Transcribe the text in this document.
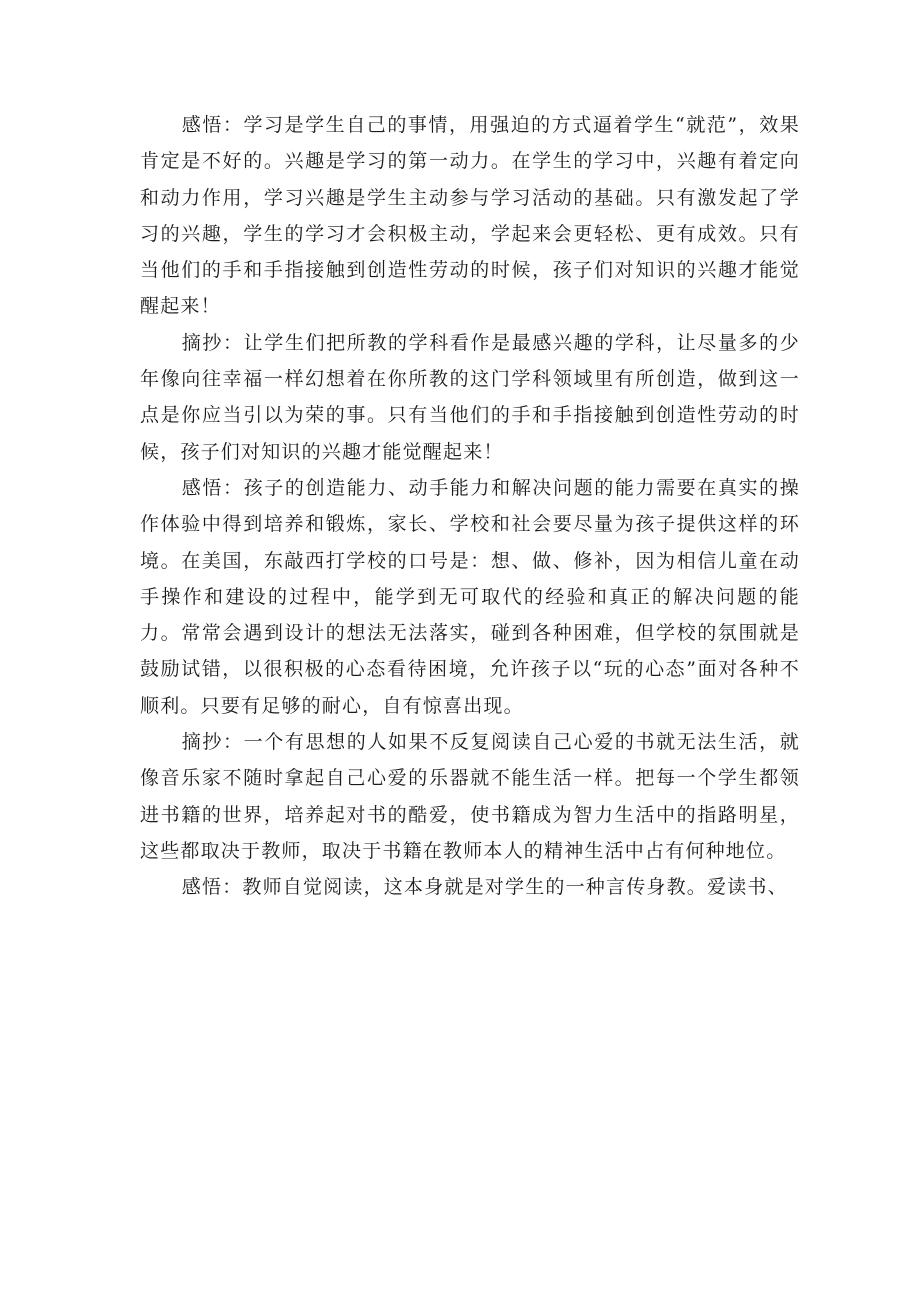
感悟：学习是学生自己的事情，用强迫的方式逼着学生“就范”，效果肯定是不好的。兴趣是学习的第一动力。在学生的学习中，兴趣有着定向和动力作用，学习兴趣是学生主动参与学习活动的基础。只有激发起了学习的兴趣，学生的学习才会积极主动，学起来会更轻松、更有成效。只有当他们的手和手指接触到创造性劳动的时候，孩子们对知识的兴趣才能觉醒起来！

摘抄：让学生们把所教的学科看作是最感兴趣的学科，让尽量多的少年像向往幸福一样幻想着在你所教的这门学科领域里有所创造，做到这一点是你应当引以为荣的事。只有当他们的手和手指接触到创造性劳动的时候，孩子们对知识的兴趣才能觉醒起来！

感悟：孩子的创造能力、动手能力和解决问题的能力需要在真实的操作体验中得到培养和锻炼，家长、学校和社会要尽量为孩子提供这样的环境。在美国，东敲西打学校的口号是：想、做、修补，因为相信儿童在动手操作和建设的过程中，能学到无可取代的经验和真正的解决问题的能力。常常会遇到设计的想法无法落实，碰到各种困难，但学校的氛围就是鼓励试错，以很积极的心态看待困境，允许孩子以“玩的心态”面对各种不顺利。只要有足够的耐心，自有惊喜出现。

摘抄：一个有思想的人如果不反复阅读自己心爱的书就无法生活，就像音乐家不随时拿起自己心爱的乐器就不能生活一样。把每一个学生都领进书籍的世界，培养起对书的酷爱，使书籍成为智力生活中的指路明星，这些都取决于教师，取决于书籍在教师本人的精神生活中占有何种地位。

感悟：教师自觉阅读，这本身就是对学生的一种言传身教。爱读书、
